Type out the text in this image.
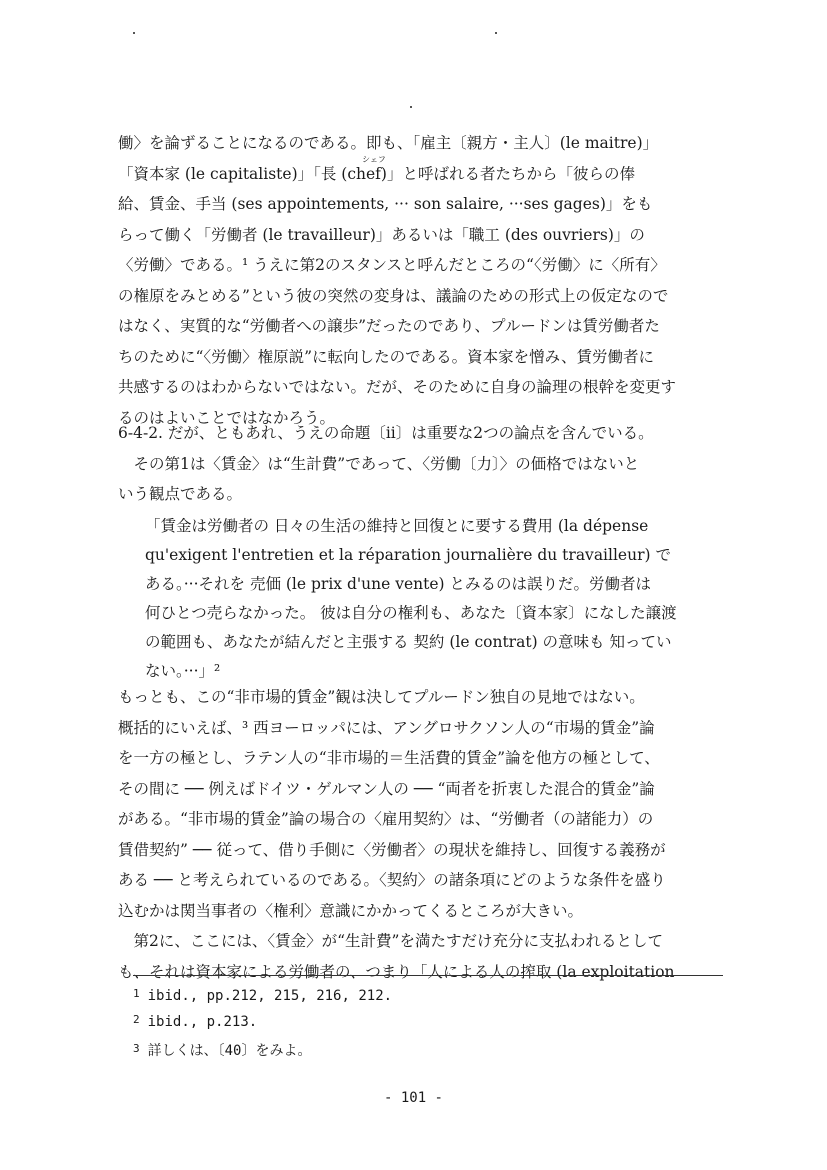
シェフ
働〉を論ずることになるのである。即も、「雇主〔親方・主人〕(le maitre)」
「資本家 (le capitaliste)」「長 (chef)」と呼ばれる者たちから「彼らの俸
給、賃金、手当 (ses appointements, ··· son salaire, ···ses gages)」をも
らって働く「労働者 (le travailleur)」あるいは「職工 (des ouvriers)」の
〈労働〉である。¹ うえに第2のスタンスと呼んだところの“〈労働〉に〈所有〉
の権原をみとめる”という彼の突然の変身は、議論のための形式上の仮定なので
はなく、実質的な“労働者への譲歩”だったのであり、プルードンは賃労働者た
ちのために“〈労働〉権原説”に転向したのである。資本家を憎み、賃労働者に
共感するのはわからないではない。だが、そのために自身の論理の根幹を変更す
るのはよいことではなかろう。
6-4-2. だが、ともあれ、うえの命題〔ii〕は重要な2つの論点を含んでいる。
　その第1は〈賃金〉は“生計費”であって、〈労働〔力〕〉の価格ではないと
いう観点である。
「賃金は労働者の 日々の生活の維持と回復とに要する費用 (la dépense
qu'exigent l'entretien et la réparation journalière du travailleur) で
ある。···それを 売価 (le prix d'une vente) とみるのは誤りだ。労働者は
何ひとつ売らなかった。 彼は自分の権利も、あなた〔資本家〕になした譲渡
の範囲も、あなたが結んだと主張する 契約 (le contrat) の意味も 知ってい
ない。···」²
もっとも、この“非市場的賃金”観は決してプルードン独自の見地ではない。
概括的にいえば、³ 西ヨーロッパには、アングロサクソン人の“市場的賃金”論
を一方の極とし、ラテン人の“非市場的＝生活費的賃金”論を他方の極として、
その間に ── 例えばドイツ・ゲルマン人の ── “両者を折衷した混合的賃金”論
がある。“非市場的賃金”論の場合の〈雇用契約〉は、“労働者（の諸能力）の
賃借契約” ── 従って、借り手側に〈労働者〉の現状を維持し、回復する義務が
ある ── と考えられているのである。〈契約〉の諸条項にどのような条件を盛り
込むかは関当事者の〈権利〉意識にかかってくるところが大きい。
　第2に、ここには、〈賃金〉が“生計費”を満たすだけ充分に支払われるとして
も、それは資本家による労働者の、つまり「人による人の搾取 (la exploitation
$^1$ ibid., pp.212, 215, 216, 212.
$^2$ ibid., p.213.
$^3$ 詳しくは、〔40〕をみよ。
- 101 -
